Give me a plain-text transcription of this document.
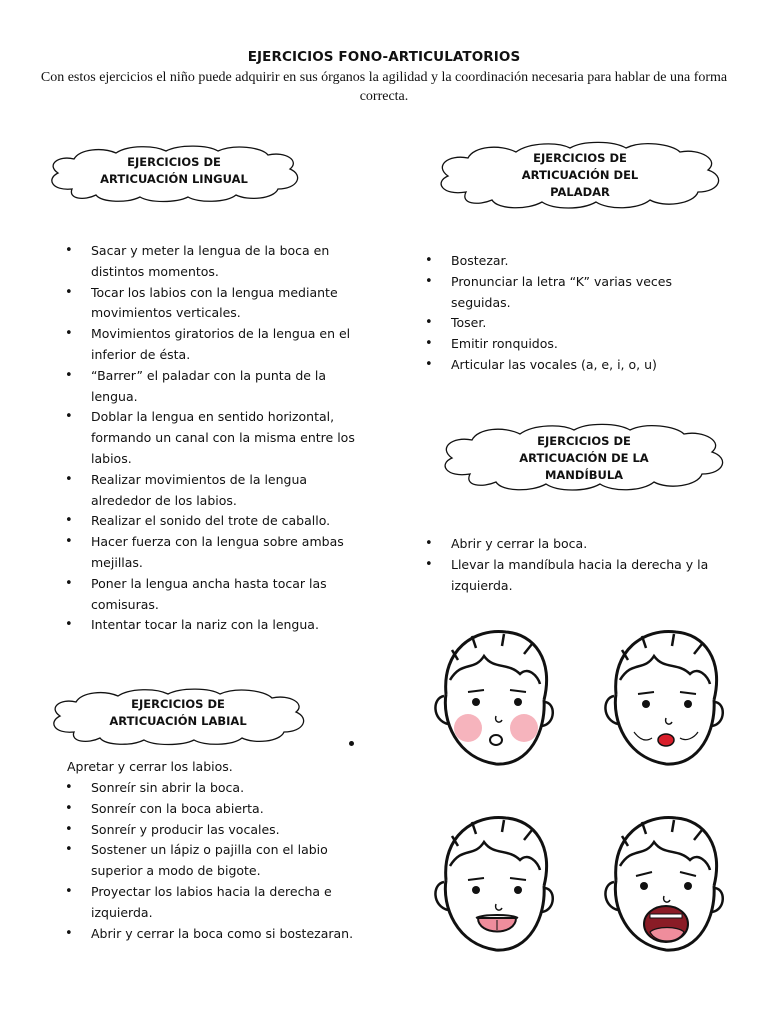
EJERCICIOS FONO-ARTICULATORIOS
Con estos ejercicios el niño puede adquirir en sus órganos la agilidad y la coordinación necesaria para hablar de una forma correcta.
EJERCICIOS DE
ARTICUACIÓN LINGUAL
EJERCICIOS DE
ARTICUACIÓN DEL
PALADAR
EJERCICIOS DE
ARTICUACIÓN DE LA
MANDÍBULA
EJERCICIOS DE
ARTICUACIÓN LABIAL
•	Sacar y meter la lengua de la boca en distintos momentos.
•	Tocar los labios con la lengua mediante movimientos verticales.
•	Movimientos giratorios de la lengua en el inferior de ésta.
•	“Barrer” el paladar con la punta de la lengua.
•	Doblar la lengua en sentido horizontal, formando un canal con la misma entre los labios.
•	Realizar movimientos de la lengua alrededor de los labios.
•	Realizar el sonido del trote de caballo.
•	Hacer fuerza con la lengua sobre ambas mejillas.
•	Poner la lengua ancha hasta tocar las comisuras.
•	Intentar tocar la nariz con la lengua.
•	Bostezar.
•	Pronunciar la letra “K” varias veces seguidas.
•	Toser.
•	Emitir ronquidos.
•	Articular las vocales (a, e, i, o, u)
•	Abrir y cerrar la boca.
•	Llevar la mandíbula hacia la derecha y la izquierda.
Apretar y cerrar los labios.
•	Sonreír sin abrir la boca.
•	Sonreír con la boca abierta.
•	Sonreír y producir las vocales.
•	Sostener un lápiz o pajilla con el labio superior a modo de bigote.
•	Proyectar los labios hacia la derecha e izquierda.
•	Abrir y cerrar la boca como si bostezaran.
